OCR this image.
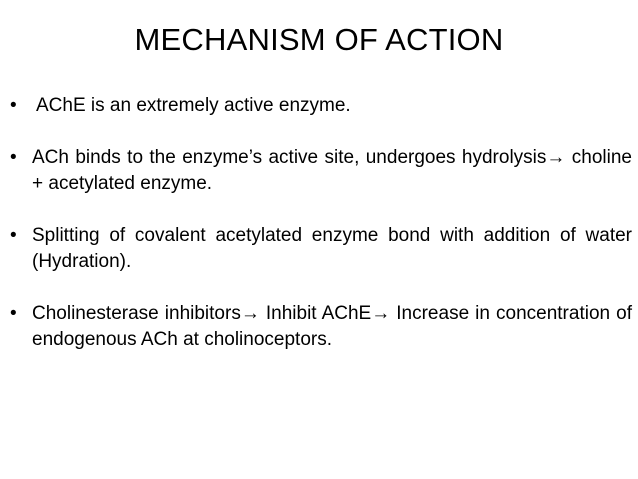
MECHANISM OF ACTION
• AChE is an extremely active enzyme.
• ACh binds to the enzyme’s active site, undergoes hydrolysis→ choline + acetylated enzyme.
• Splitting of covalent acetylated enzyme bond with addition of water (Hydration).
• Cholinesterase inhibitors→ Inhibit AChE→ Increase in concentration of endogenous ACh at cholinoceptors.
